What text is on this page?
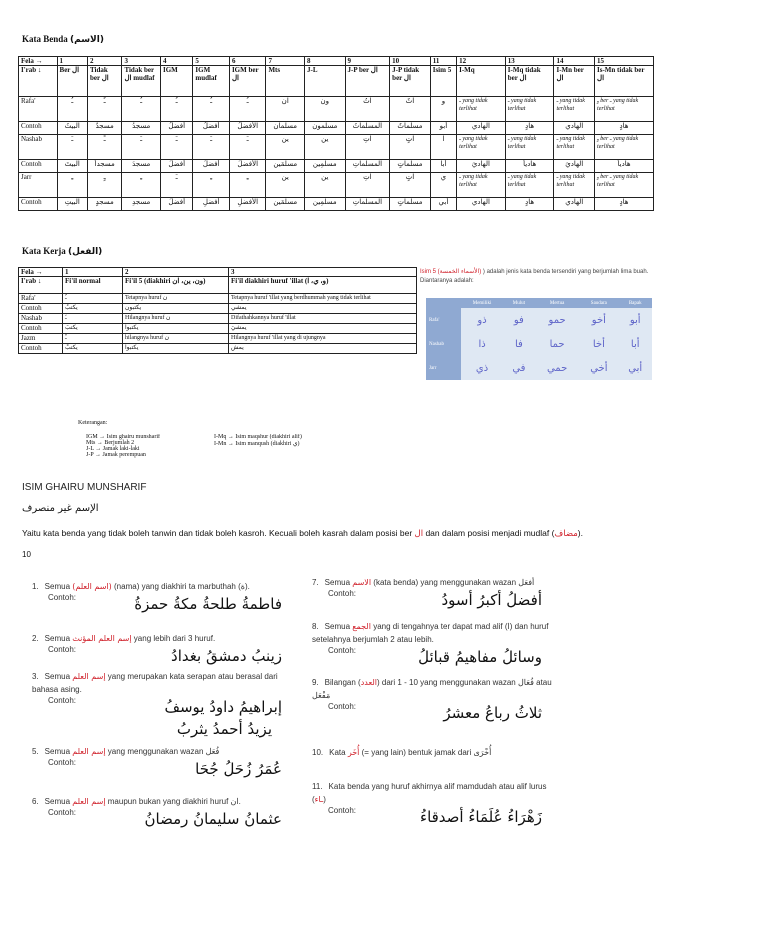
Kata Benda (الاسم)
Fela →	1	2	3	4	5	6	7	8	9	10	11	12	13	14	15
I'rab ↓	Ber ال	Tidak ber ال	Tidak ber ال mudlaf	IGM	IGM mudlaf	IGM ber ال	Mts	J-L	J-P ber ال	J-P tidak ber ال	Isim 5	I-Mq	I-Mq tidak ber ال	I-Mn ber ال	Is-Mn tidak ber ال
Rafa'	ـُ	ـٌ	ـُ	ـُ	ـُ	ـُ	ان	ون	اتُ	اتٌ	و	ـ yang tidak terlihat	ـ yang tidak terlihat	ـ yang tidak terlihat	ـٍ ber ـ yang tidak terlihat
Contoh	البيتُ	مسجدٌ	مسجدُ	أفضلُ	أفضلُ	الأفضلُ	مسلمان	مسلمون	المسلماتُ	مسلماتٌ	أبو	الهادي	هادٍ	الهادي	هادٍ
Nashab	ـَ	ـً	ـَ	ـَ	ـَ	ـَ	ين	ين	اتِ	اتٍ	ا	ـ yang tidak terlihat	ـ yang tidak terlihat	ـ yang tidak terlihat	ـٍ ber ـ yang tidak terlihat
Contoh	البيتَ	مسجداً	مسجدَ	أفضلَ	أفضلَ	الأفضلَ	مسلمَين	مسلمِين	المسلماتِ	مسلماتٍ	أبا	الهاديَ	هادياً	الهاديَ	هادياً
Jarr	ـِ	ـٍ	ـِ	ـَ	ـِ	ـِ	ين	ين	اتِ	اتٍ	ي	ـ yang tidak terlihat	ـ yang tidak terlihat	ـ yang tidak terlihat	ـٍ ber ـ yang tidak terlihat
Contoh	البيتِ	مسجدٍ	مسجدِ	أفضلَ	أفضلِ	الأفضلِ	مسلمَين	مسلمِين	المسلماتِ	مسلماتٍ	أبي	الهادي	هادٍ	الهادي	هادٍ
Kata Kerja (الفعل)
Fela →	1	2	3
I'rab ↓	Fi'il normal	Fi'il 5 (diakhiri ون، ين، ان)	Fi'il diakhiri huruf 'illat (و، ي، ا)
Rafa'	ـُ	Tetapnya huruf ن	Tetapnya huruf 'illat yang berdhummah yang tidak terlihat
Contoh	يكتبُ	يكتبون	يمشي
Nashab	ـَ	Hilangnya huruf ن	Difathahkannya huruf 'illat
Contoh	يكتبَ	يكتبوا	يمشيَ
Jazm	ـْ	hilangnya huruf ن	Hilangnya huruf 'illat yang di ujungnya
Contoh	يكتبْ	يكتبوا	يمش
Isim 5 (الأسماء الخمسة) ) adalah jenis kata benda tersendiri yang berjumlah lima buah. Diantaranya adalah:
	Memiliki	Mulut	Mertua	Saudara	Bapak
Rafa'	ذو	فو	حمو	أخو	أبو
Nashab	ذا	فا	حما	أخا	أبا
Jarr	ذي	في	حمي	أخي	أبي
Keterangan:
• IGM → Isim ghairu munsharif
• Mts → Berjumlah 2
• J-L → Jamak laki-laki
• J-P → Jamak perempuan
• I-Mq → Isim maqshur (diakhiri alif)
• I-Mn → Isim manqush (diakhiri ي)
ISIM GHAIRU MUNSHARIF
الإسم غير منصرف
Yaitu kata benda yang tidak boleh tanwin dan tidak boleh kasroh. Kecuali boleh kasrah dalam posisi ber ال dan dalam posisi menjadi mudlaf (مضاف).
10
1. Semua (اسم العلم) (nama) yang diakhiri ta marbuthah (ة).
Contoh:	فاطمةُ طلحةُ مكةُ حمزةُ
2. Semua إسم العلم المؤنث yang lebih dari 3 huruf.
Contoh:	زينبُ دمشقُ بغدادُ
3. Semua إسم العلم yang merupakan kata serapan atau berasal dari bahasa asing.
Contoh:	إبراهيمُ داودُ يوسفُ
يزيدُ أحمدُ يثربُ
5. Semua إسم العلم yang menggunakan wazan فُعَل
Contoh:	عُمَرُ زُحَلُ جُحَا
6. Semua إسم العلم maupun bukan yang diakhiri huruf ان.
Contoh:	عثمانُ سليمانُ رمضانُ
7. Semua الاسم (kata benda) yang menggunakan wazan أفعَل
Contoh:	أفضلُ أكبرُ أسودُ
8. Semua الجمع yang di tengahnya ter dapat mad alif (ا) dan huruf setelahnya berjumlah 2 atau lebih.
Contoh:	وسائلُ مفاهيمُ قبائلُ
9. Bilangan (العدد) dari 1 - 10 yang menggunakan wazan فُعَال atau مَفْعَل
Contoh:	ثلاثُ رباعُ معشرُ
10. Kata أُخَر (= yang lain) bentuk jamak dari أُخْرَى
11. Kata benda yang huruf akhirnya alif mamdudah atau alif lurus (ـاء)
Contoh:	زَهْرَاءُ عُلَمَاءُ أصدقاءُ
